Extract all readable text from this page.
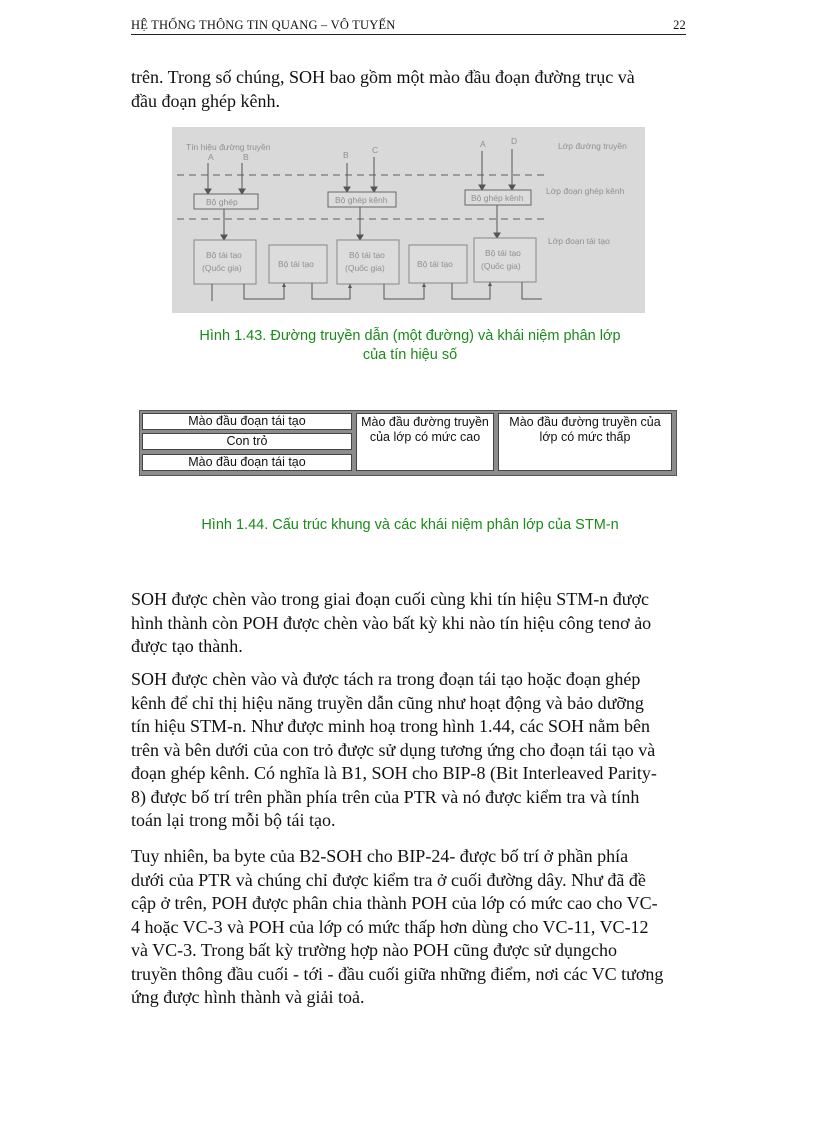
HỆ THỐNG THÔNG TIN QUANG – VÔ TUYẾN	22
trên. Trong số chúng, SOH bao gồm một mào đầu đoạn đường trục và
đầu đoạn ghép kênh.
Tín hiệu đường truyền	Lớp đường truyền
Lớp đoạn ghép kênh
Lớp đoạn tái tạo
A	B	B	C
A	D
Bộ ghép	Bộ ghép kênh	Bộ ghép kênh
Bộ tái tạo
(Quốc gia)	Bộ tái tạo
Bộ tái tạo
(Quốc gia)	Bộ tái tạo
Bộ tái tạo
(Quốc gia)
Hình 1.43. Đường truyền dẫn (một đường) và khái niệm phân lớp
của tín hiệu số
Mào đầu đoạn tái tạo
Con trỏ
Mào đầu đoạn tái tạo
Mào đầu đường truyền
của lớp có mức cao
Mào đầu đường truyền của
lớp có mức thấp
Hình 1.44. Cấu trúc khung và các khái niệm phân lớp của STM-n
SOH được chèn vào trong giai đoạn cuối cùng khi tín hiệu STM-n được
hình thành còn POH được chèn vào bất kỳ khi nào tín hiệu công tenơ ảo
được tạo thành.
SOH được chèn vào và được tách ra trong đoạn tái tạo hoặc đoạn ghép
kênh để chỉ thị hiệu năng truyền dẫn cũng như hoạt động và bảo dưỡng
tín hiệu STM-n. Như được minh hoạ trong hình 1.44, các SOH nằm bên
trên và bên dưới của con trỏ được sử dụng tương ứng cho đoạn tái tạo và
đoạn ghép kênh. Có nghĩa là B1, SOH cho BIP-8 (Bit Interleaved Parity-
8) được bố trí trên phần phía trên của PTR và nó được kiểm tra và tính
toán lại trong mỗi bộ tái tạo.
Tuy nhiên, ba byte của B2-SOH cho BIP-24- được bố trí ở phần phía
dưới của PTR và chúng chỉ được kiểm tra ở cuối đường dây. Như đã đề
cập ở trên, POH được phân chia thành POH của lớp có mức cao cho VC-
4 hoặc VC-3 và POH của lớp có mức thấp hơn dùng cho VC-11, VC-12
và VC-3. Trong bất kỳ trường hợp nào POH cũng được sử dụngcho
truyền thông đầu cuối - tới - đầu cuối giữa những điểm, nơi các VC tương
ứng được hình thành và giải toả.
